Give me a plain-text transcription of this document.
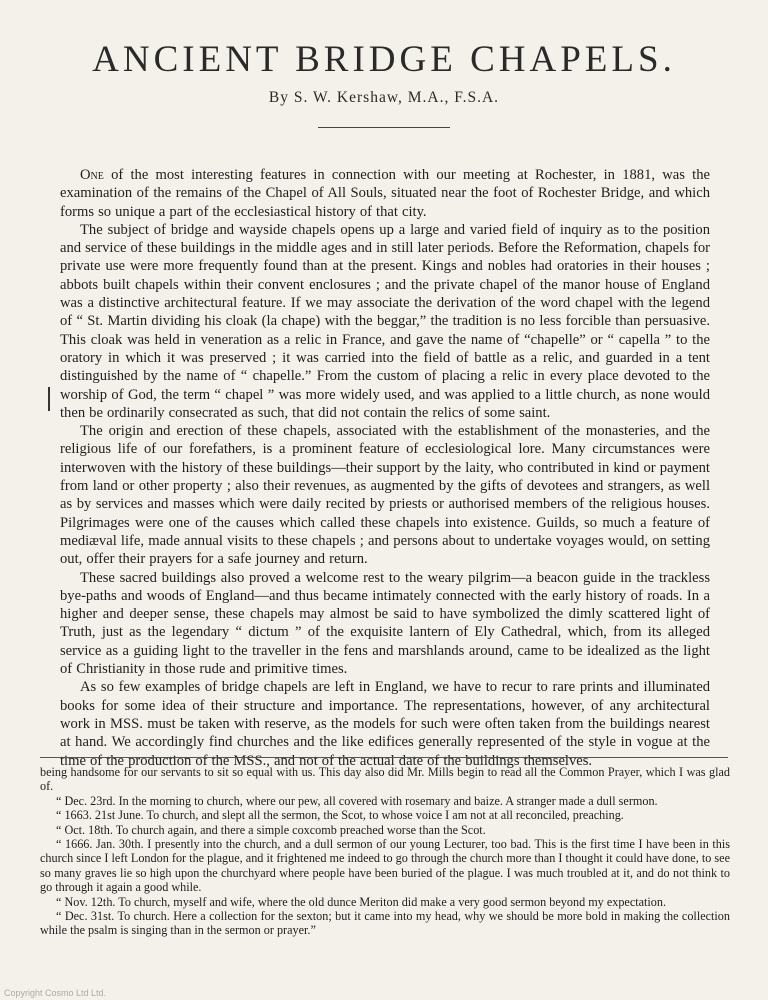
ANCIENT BRIDGE CHAPELS.

By S. W. Kershaw, M.A., F.S.A.

One of the most interesting features in connection with our meeting at Rochester, in 1881, was the examination of the remains of the Chapel of All Souls, situated near the foot of Rochester Bridge, and which forms so unique a part of the ecclesiastical history of that city.

The subject of bridge and wayside chapels opens up a large and varied field of inquiry as to the position and service of these buildings in the middle ages and in still later periods. Before the Reformation, chapels for private use were more frequently found than at the present. Kings and nobles had oratories in their houses ; abbots built chapels within their convent enclosures ; and the private chapel of the manor house of England was a distinctive architectural feature. If we may associate the derivation of the word chapel with the legend of “ St. Martin dividing his cloak (la chape) with the beggar,” the tradition is no less forcible than persuasive. This cloak was held in veneration as a relic in France, and gave the name of “chapelle” or “ capella ” to the oratory in which it was preserved ; it was carried into the field of battle as a relic, and guarded in a tent distinguished by the name of “ chapelle.” From the custom of placing a relic in every place devoted to the worship of God, the term “ chapel ” was more widely used, and was applied to a little church, as none would then be ordinarily consecrated as such, that did not contain the relics of some saint.

The origin and erection of these chapels, associated with the establishment of the monasteries, and the religious life of our forefathers, is a prominent feature of ecclesiological lore. Many circumstances were interwoven with the history of these buildings—their support by the laity, who contributed in kind or payment from land or other property ; also their revenues, as augmented by the gifts of devotees and strangers, as well as by services and masses which were daily recited by priests or authorised members of the religious houses. Pilgrimages were one of the causes which called these chapels into existence. Guilds, so much a feature of mediæval life, made annual visits to these chapels ; and persons about to undertake voyages would, on setting out, offer their prayers for a safe journey and return.

These sacred buildings also proved a welcome rest to the weary pilgrim—a beacon guide in the trackless bye-paths and woods of England—and thus became intimately connected with the early history of roads. In a higher and deeper sense, these chapels may almost be said to have symbolized the dimly scattered light of Truth, just as the legendary “ dictum ” of the exquisite lantern of Ely Cathedral, which, from its alleged service as a guiding light to the traveller in the fens and marshlands around, came to be idealized as the light of Christianity in those rude and primitive times.

As so few examples of bridge chapels are left in England, we have to recur to rare prints and illuminated books for some idea of their structure and importance. The representations, however, of any architectural work in MSS. must be taken with reserve, as the models for such were often taken from the buildings nearest at hand. We accordingly find churches and the like edifices generally represented of the style in vogue at the time of the production of the MSS., and not of the actual date of the buildings themselves.

being handsome for our servants to sit so equal with us. This day also did Mr. Mills begin to read all the Common Prayer, which I was glad of.

“ Dec. 23rd. In the morning to church, where our pew, all covered with rosemary and baize. A stranger made a dull sermon.

“ 1663. 21st June. To church, and slept all the sermon, the Scot, to whose voice I am not at all reconciled, preaching.

“ Oct. 18th. To church again, and there a simple coxcomb preached worse than the Scot.

“ 1666. Jan. 30th. I presently into the church, and a dull sermon of our young Lecturer, too bad. This is the first time I have been in this church since I left London for the plague, and it frightened me indeed to go through the church more than I thought it could have done, to see so many graves lie so high upon the churchyard where people have been buried of the plague. I was much troubled at it, and do not think to go through it again a good while.

“ Nov. 12th. To church, myself and wife, where the old dunce Meriton did make a very good sermon beyond my expectation.

“ Dec. 31st. To church. Here a collection for the sexton; but it came into my head, why we should be more bold in making the collection while the psalm is singing than in the sermon or prayer.”

Copyright Cosmo Ltd Ltd.
